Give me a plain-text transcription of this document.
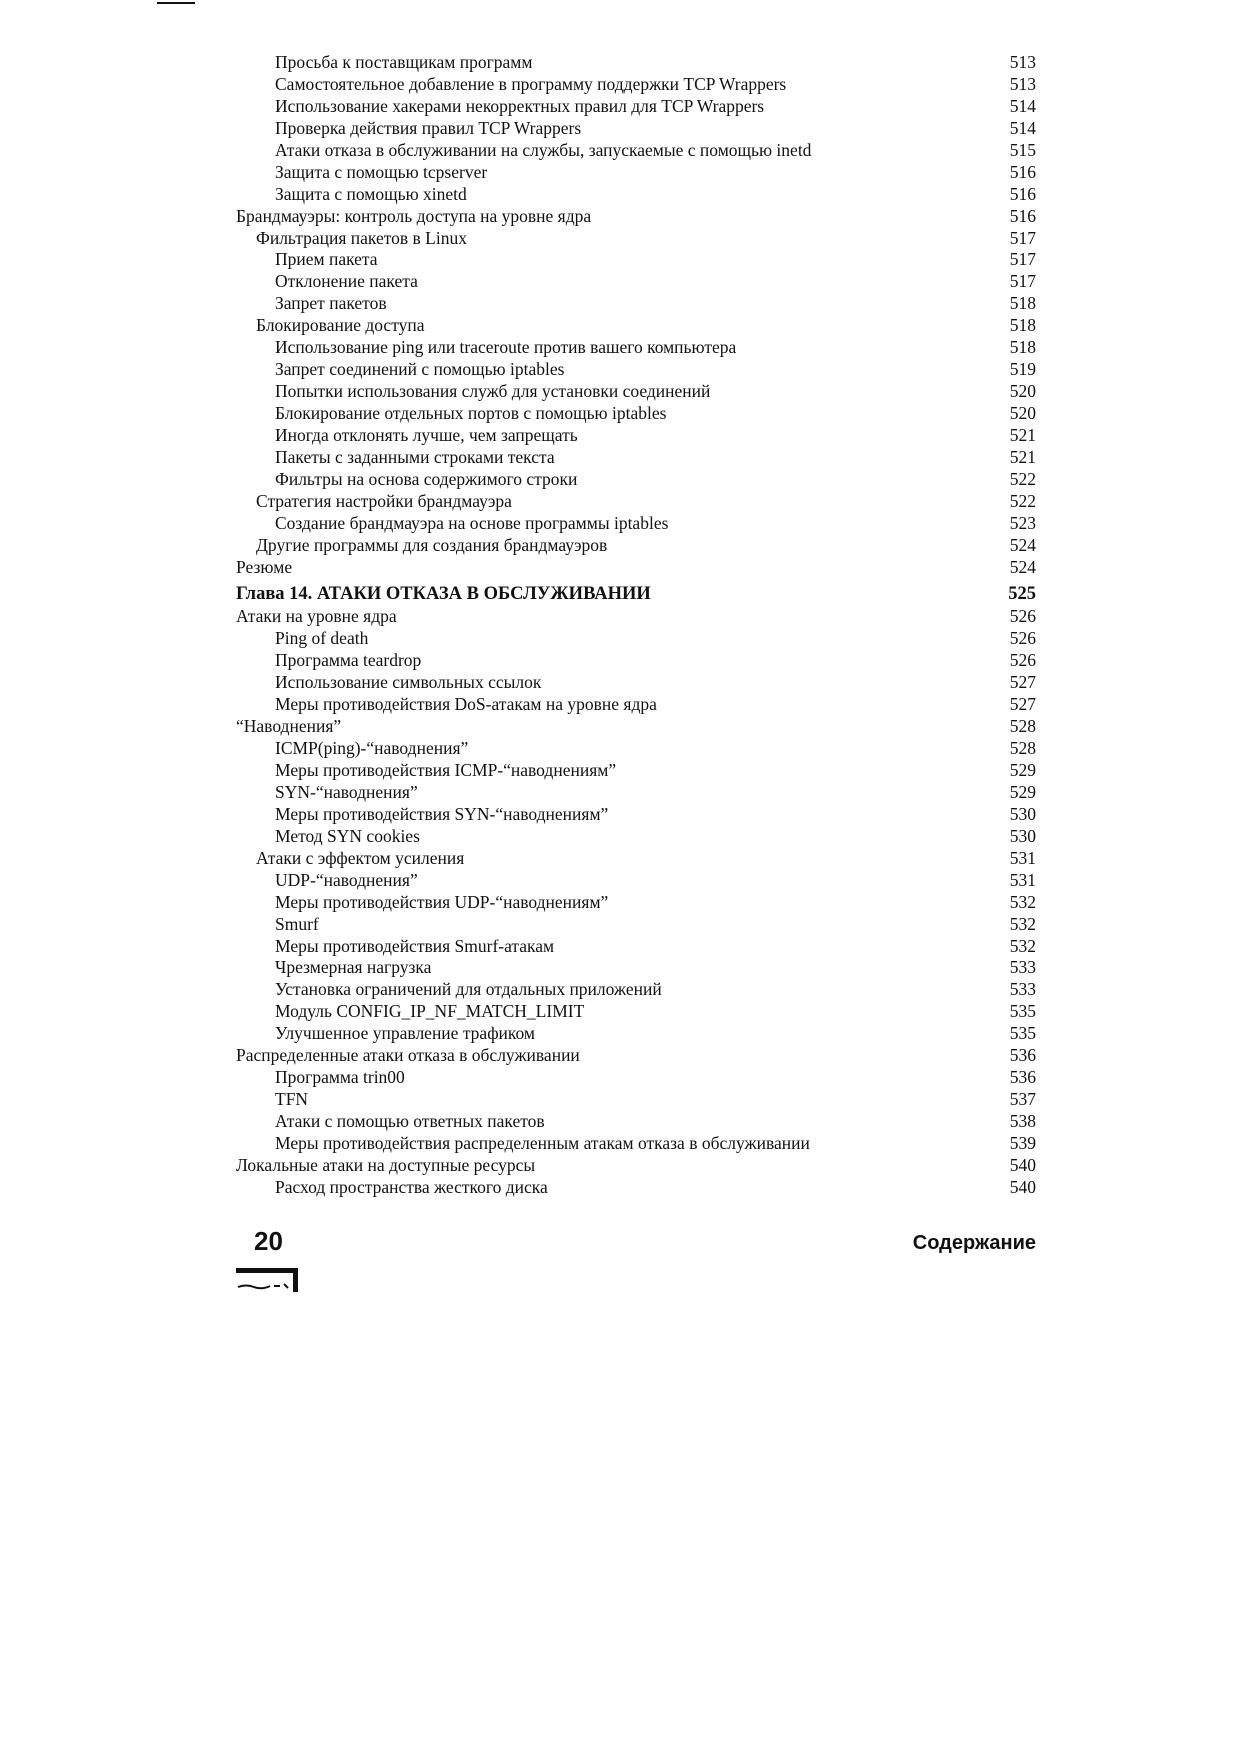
Просьба к поставщикам программ	513
Самостоятельное добавление в программу поддержки TCP Wrappers	513
Использование хакерами некорректных правил для TCP Wrappers	514
Проверка действия правил TCP Wrappers	514
Атаки отказа в обслуживании на службы, запускаемые с помощью inetd	515
Защита с помощью tcpserver	516
Защита с помощью xinetd	516
Брандмауэры: контроль доступа на уровне ядра	516
Фильтрация пакетов в Linux	517
Прием пакета	517
Отклонение пакета	517
Запрет пакетов	518
Блокирование доступа	518
Использование ping или traceroute против вашего компьютера	518
Запрет соединений с помощью iptables	519
Попытки использования служб для установки соединений	520
Блокирование отдельных портов с помощью iptables	520
Иногда отклонять лучше, чем запрещать	521
Пакеты с заданными строками текста	521
Фильтры на основа содержимого строки	522
Стратегия настройки брандмауэра	522
Создание брандмауэра на основе программы iptables	523
Другие программы для создания брандмауэров	524
Резюме	524
Глава 14. АТАКИ ОТКАЗА В ОБСЛУЖИВАНИИ	525
Атаки на уровне ядра	526
Ping of death	526
Программа teardrop	526
Использование символьных ссылок	527
Меры противодействия DoS-атакам на уровне ядра	527
“Наводнения”	528
ICMP(ping)-“наводнения”	528
Меры противодействия ICMP-“наводнениям”	529
SYN-“наводнения”	529
Меры противодействия SYN-“наводнениям”	530
Метод SYN cookies	530
Атаки с эффектом усиления	531
UDP-“наводнения”	531
Меры противодействия UDP-“наводнениям”	532
Smurf	532
Меры противодействия Smurf-атакам	532
Чрезмерная нагрузка	533
Установка ограничений для отдальных приложений	533
Модуль CONFIG_IP_NF_MATCH_LIMIT	535
Улучшенное управление трафиком	535
Распределенные атаки отказа в обслуживании	536
Программа trin00	536
TFN	537
Атаки с помощью ответных пакетов	538
Меры противодействия распределенным атакам отказа в обслуживании	539
Локальные атаки на доступные ресурсы	540
Расход пространства жесткого диска	540
20	Содержание
